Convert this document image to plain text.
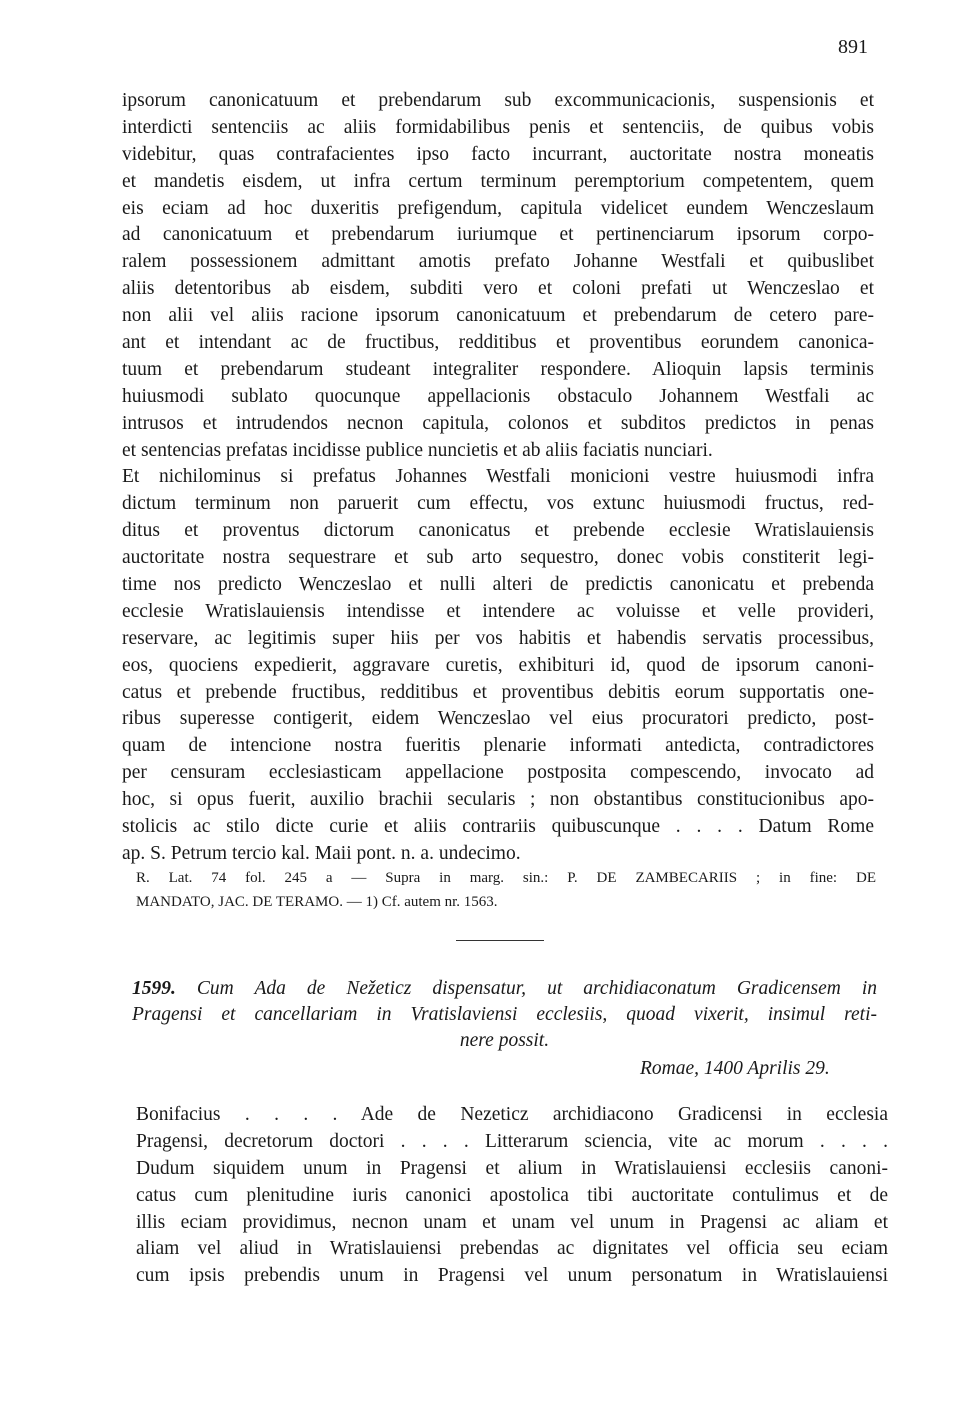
891
ipsorum canonicatuum et prebendarum sub excommunicacionis, suspensionis et
interdicti sentenciis ac aliis formidabilibus penis et sentenciis, de quibus vobis
videbitur, quas contrafacientes ipso facto incurrant, auctoritate nostra moneatis
et mandetis eisdem, ut infra certum terminum peremptorium competentem, quem
eis eciam ad hoc duxeritis prefigendum, capitula videlicet eundem Wenczeslaum
ad canonicatuum et prebendarum iuriumque et pertinenciarum ipsorum corpo-
ralem possessionem admittant amotis prefato Johanne Westfali et quibuslibet
aliis detentoribus ab eisdem, subditi vero et coloni prefati ut Wenczeslao et
non alii vel aliis racione ipsorum canonicatuum et prebendarum de cetero pare-
ant et intendant ac de fructibus, redditibus et proventibus eorundem canonica-
tuum et prebendarum studeant integraliter respondere. Alioquin lapsis terminis
huiusmodi sublato quocunque appellacionis obstaculo Johannem Westfali ac
intrusos et intrudendos necnon capitula, colonos et subditos predictos in penas
et sentencias prefatas incidisse publice nuncietis et ab aliis faciatis nunciari.
Et nichilominus si prefatus Johannes Westfali monicioni vestre huiusmodi infra
dictum terminum non paruerit cum effectu, vos extunc huiusmodi fructus, red-
ditus et proventus dictorum canonicatus et prebende ecclesie Wratislauiensis
auctoritate nostra sequestrare et sub arto sequestro, donec vobis constiterit legi-
time nos predicto Wenczeslao et nulli alteri de predictis canonicatu et prebenda
ecclesie Wratislauiensis intendisse et intendere ac voluisse et velle provideri,
reservare, ac legitimis super hiis per vos habitis et habendis servatis processibus,
eos, quociens expedierit, aggravare curetis, exhibituri id, quod de ipsorum canoni-
catus et prebende fructibus, redditibus et proventibus debitis eorum supportatis one-
ribus superesse contigerit, eidem Wenczeslao vel eius procuratori predicto, post-
quam de intencione nostra fueritis plenarie informati antedicta, contradictores
per censuram ecclesiasticam appellacione postposita compescendo, invocato ad
hoc, si opus fuerit, auxilio brachii secularis ; non obstantibus constitucionibus apo-
stolicis ac stilo dicte curie et aliis contrariis quibuscunque . . . . Datum Rome
ap. S. Petrum tercio kal. Maii pont. n. a. undecimo.
R. Lat. 74 fol. 245 a — Supra in marg. sin.: P. DE ZAMBECARIIS ; in fine: DE
MANDATO, JAC. DE TERAMO. — 1) Cf. autem nr. 1563.
1599. Cum Ada de Nežeticz dispensatur, ut archidiaconatum Gradicensem in
Pragensi et cancellariam in Vratislaviensi ecclesiis, quoad vixerit, insimul reti-
nere possit.
Romae, 1400 Aprilis 29.
Bonifacius . . . . Ade de Nezeticz archidiacono Gradicensi in ecclesia
Pragensi, decretorum doctori . . . . Litterarum sciencia, vite ac morum . . . .
Dudum siquidem unum in Pragensi et alium in Wratislauiensi ecclesiis canoni-
catus cum plenitudine iuris canonici apostolica tibi auctoritate contulimus et de
illis eciam providimus, necnon unam et unam vel unum in Pragensi ac aliam et
aliam vel aliud in Wratislauiensi prebendas ac dignitates vel officia seu eciam
cum ipsis prebendis unum in Pragensi vel unum personatum in Wratislauiensi
